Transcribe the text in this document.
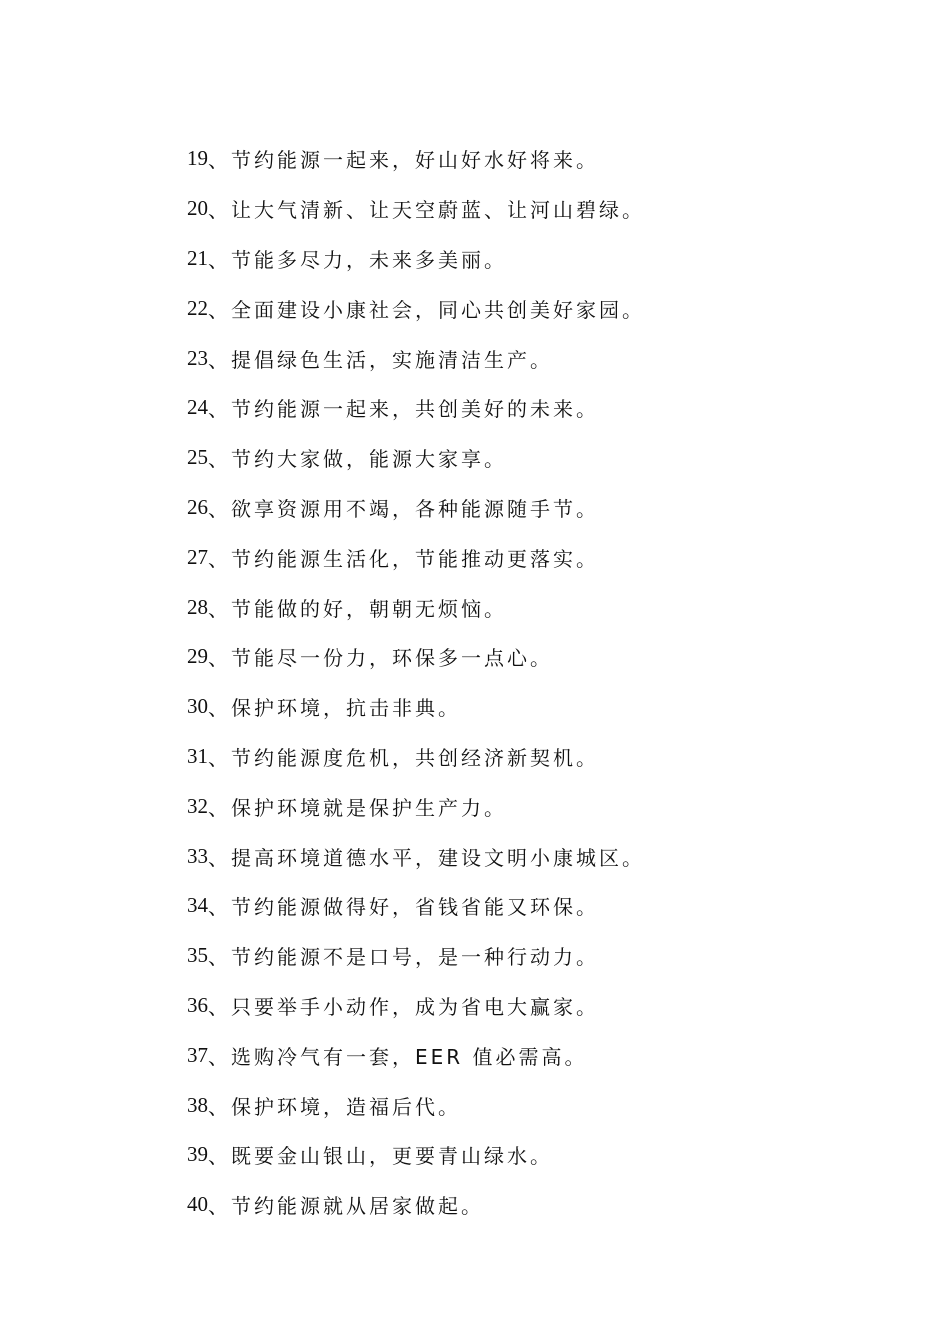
19 、 节约能源一起来，好山好水好将来。
20 、 让大气清新、让天空蔚蓝、让河山碧绿。
21 、 节能多尽力，未来多美丽。
22 、 全面建设小康社会，同心共创美好家园。
23 、 提倡绿色生活，实施清洁生产。
24 、 节约能源一起来，共创美好的未来。
25 、 节约大家做，能源大家享。
26 、 欲享资源用不竭，各种能源随手节。
27 、 节约能源生活化，节能推动更落实。
28 、 节能做的好，朝朝无烦恼。
29 、 节能尽一份力，环保多一点心。
30 、 保护环境，抗击非典。
31 、 节约能源度危机，共创经济新契机。
32 、 保护环境就是保护生产力。
33 、 提高环境道德水平，建设文明小康城区。
34 、 节约能源做得好，省钱省能又环保。
35 、 节约能源不是口号，是一种行动力。
36 、 只要举手小动作，成为省电大赢家。
37 、 选购冷气有一套，EER 值必需高。
38 、 保护环境，造福后代。
39 、 既要金山银山，更要青山绿水。
40 、 节约能源就从居家做起。
